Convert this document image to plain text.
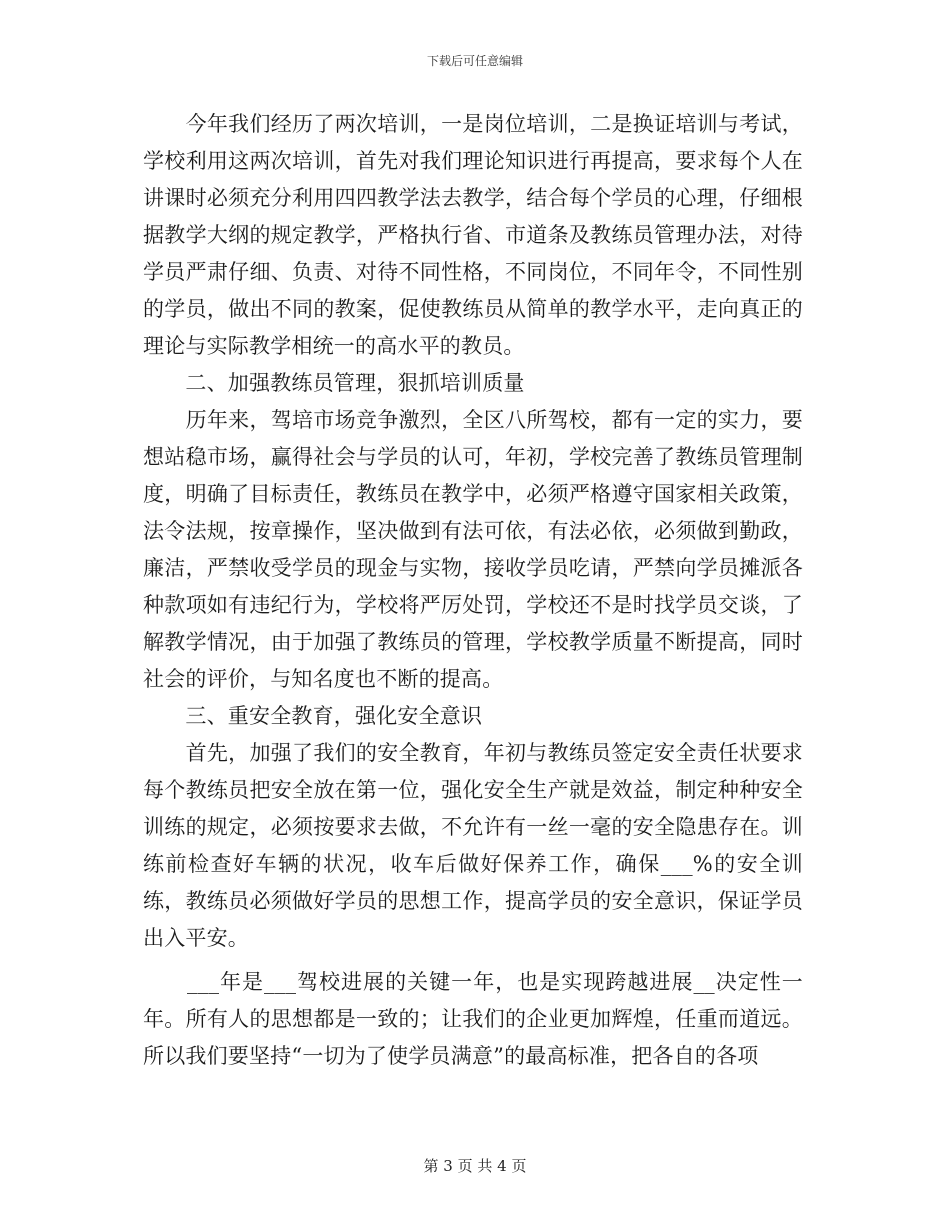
下载后可任意编辑

　　今年我们经历了两次培训，一是岗位培训，二是换证培训与考试，学校利用这两次培训，首先对我们理论知识进行再提高，要求每个人在讲课时必须充分利用四四教学法去教学，结合每个学员的心理，仔细根据教学大纲的规定教学，严格执行省、市道条及教练员管理办法，对待学员严肃仔细、负责、对待不同性格，不同岗位，不同年令，不同性别的学员，做出不同的教案，促使教练员从简单的教学水平，走向真正的理论与实际教学相统一的高水平的教员。

　　二、加强教练员管理，狠抓培训质量

　　历年来，驾培市场竞争激烈，全区八所驾校，都有一定的实力，要想站稳市场，赢得社会与学员的认可，年初，学校完善了教练员管理制度，明确了目标责任，教练员在教学中，必须严格遵守国家相关政策，法令法规，按章操作，坚决做到有法可依，有法必依，必须做到勤政，廉洁，严禁收受学员的现金与实物，接收学员吃请，严禁向学员摊派各种款项如有违纪行为，学校将严厉处罚，学校还不是时找学员交谈，了解教学情况，由于加强了教练员的管理，学校教学质量不断提高，同时社会的评价，与知名度也不断的提高。

　　三、重安全教育，强化安全意识

　　首先，加强了我们的安全教育，年初与教练员签定安全责任状要求每个教练员把安全放在第一位，强化安全生产就是效益，制定种种安全训练的规定，必须按要求去做，不允许有一丝一毫的安全隐患存在。训练前检查好车辆的状况，收车后做好保养工作，确保___%的安全训练，教练员必须做好学员的思想工作，提高学员的安全意识，保证学员出入平安。

　　___年是___驾校进展的关键一年，也是实现跨越进展__决定性一年。所有人的思想都是一致的；让我们的企业更加辉煌，任重而道远。所以我们要坚持“一切为了使学员满意”的最高标准，把各自的各项

第 3 页 共 4 页
